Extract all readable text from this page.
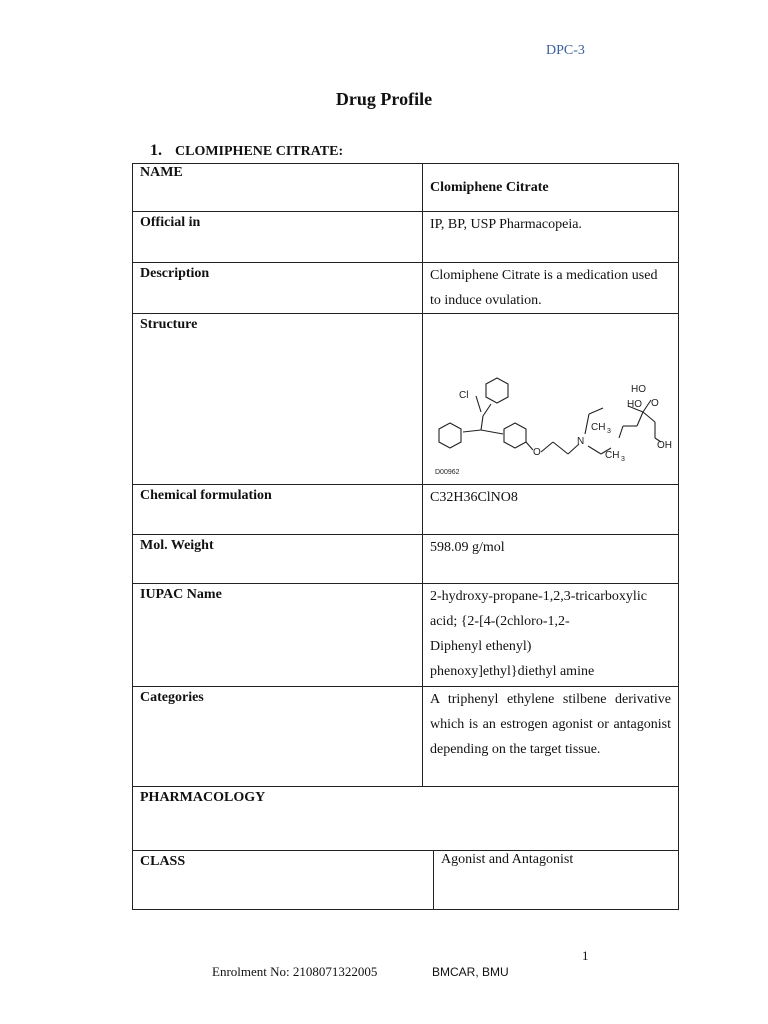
DPC-3
Drug Profile
1. CLOMIPHENE CITRATE:
NAME	Clomiphene Citrate
Official in	IP, BP, USP Pharmacopeia.
Description	Clomiphene Citrate is a medication used to induce ovulation.
Structure	
Cl
O
N
CH 3
CH 3
HO
HO O
OH
D00962

Chemical formulation	C32H36ClNO8
Mol. Weight	598.09 g/mol
IUPAC Name	2-hydroxy-propane-1,2,3-tricarboxylic
acid; {2-[4-(2chloro-1,2-
Diphenyl ethenyl)
phenoxy]ethyl}diethyl amine

Categories	A triphenyl ethylene stilbene derivative which is an estrogen agonist or antagonist depending on the target tissue.
PHARMACOLOGY

CLASS	Agonist and Antagonist
1
Enrolment No: 2108071322005	BMCAR, BMU
